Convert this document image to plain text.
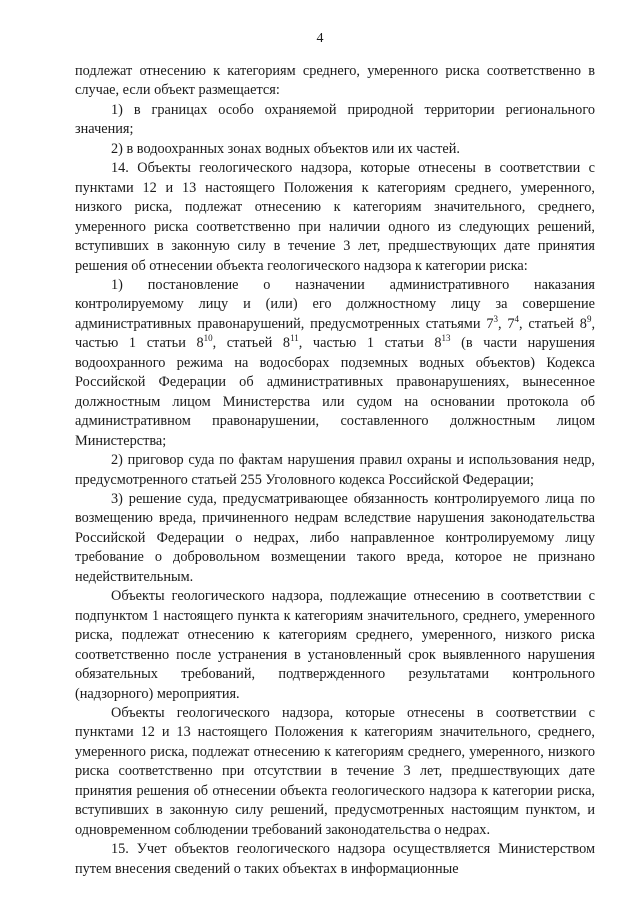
4

подлежат отнесению к категориям среднего, умеренного риска соответственно в случае, если объект размещается:

1) в границах особо охраняемой природной территории регионального значения;

2) в водоохранных зонах водных объектов или их частей.

14. Объекты геологического надзора, которые отнесены в соответствии с пунктами 12 и 13 настоящего Положения к категориям среднего, умеренного, низкого риска, подлежат отнесению к категориям значительного, среднего, умеренного риска соответственно при наличии одного из следующих решений, вступивших в законную силу в течение 3 лет, предшествующих дате принятия решения об отнесении объекта геологического надзора к категории риска:

1) постановление о назначении административного наказания контролируемому лицу и (или) его должностному лицу за совершение административных правонарушений, предусмотренных статьями $7^3$, $7^4$, статьей $8^9$, частью 1 статьи $8^{10}$, статьей $8^{11}$, частью 1 статьи $8^{13}$ (в части нарушения водоохранного режима на водосборах подземных водных объектов) Кодекса Российской Федерации об административных правонарушениях, вынесенное должностным лицом Министерства или судом на основании протокола об административном правонарушении, составленного должностным лицом Министерства;

2) приговор суда по фактам нарушения правил охраны и использования недр, предусмотренного статьей 255 Уголовного кодекса Российской Федерации;

3) решение суда, предусматривающее обязанность контролируемого лица по возмещению вреда, причиненного недрам вследствие нарушения законодательства Российской Федерации о недрах, либо направленное контролируемому лицу требование о добровольном возмещении такого вреда, которое не признано недействительным.

Объекты геологического надзора, подлежащие отнесению в соответствии с подпунктом 1 настоящего пункта к категориям значительного, среднего, умеренного риска, подлежат отнесению к категориям среднего, умеренного, низкого риска соответственно после устранения в установленный срок выявленного нарушения обязательных требований, подтвержденного результатами контрольного (надзорного) мероприятия.

Объекты геологического надзора, которые отнесены в соответствии с пунктами 12 и 13 настоящего Положения к категориям значительного, среднего, умеренного риска, подлежат отнесению к категориям среднего, умеренного, низкого риска соответственно при отсутствии в течение 3 лет, предшествующих дате принятия решения об отнесении объекта геологического надзора к категории риска, вступивших в законную силу решений, предусмотренных настоящим пунктом, и одновременном соблюдении требований законодательства о недрах.

15. Учет объектов геологического надзора осуществляется Министерством путем внесения сведений о таких объектах в информационные
